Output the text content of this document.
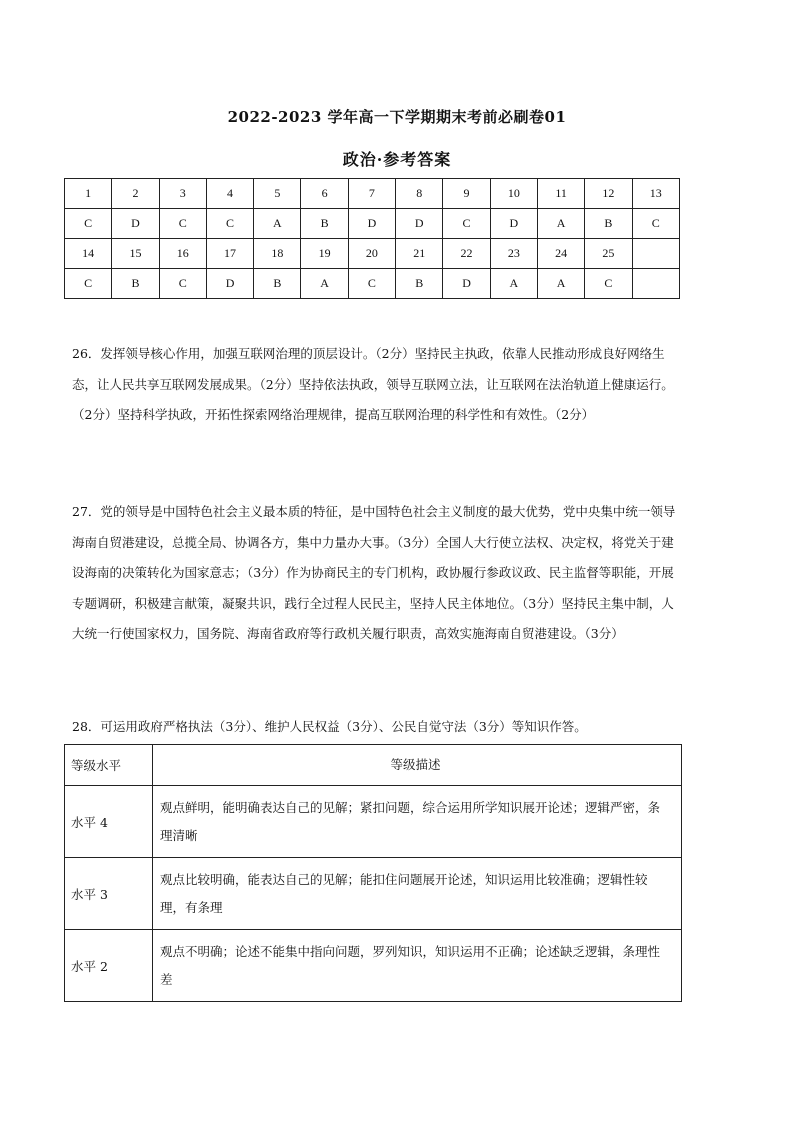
2022-2023 学年高一下学期期末考前必刷卷01
政治·参考答案
1	2	3	4	5	6	7	8	9	10	11	12	13
C	D	C	C	A	B	D	D	C	D	A	B	C
14	15	16	17	18	19	20	21	22	23	24	25	
C	B	C	D	B	A	C	B	D	A	A	C	
26．发挥领导核心作用，加强互联网治理的顶层设计。（2分）坚持民主执政，依靠人民推动形成良好网络生态，让人民共享互联网发展成果。（2分）坚持依法执政，领导互联网立法，让互联网在法治轨道上健康运行。（2分）坚持科学执政，开拓性探索网络治理规律，提高互联网治理的科学性和有效性。（2分）
27．党的领导是中国特色社会主义最本质的特征，是中国特色社会主义制度的最大优势，党中央集中统一领导海南自贸港建设，总揽全局、协调各方，集中力量办大事。（3分）全国人大行使立法权、决定权，将党关于建设海南的决策转化为国家意志；（3分）作为协商民主的专门机构，政协履行参政议政、民主监督等职能，开展专题调研，积极建言献策，凝聚共识，践行全过程人民民主，坚持人民主体地位。（3分）坚持民主集中制，人大统一行使国家权力，国务院、海南省政府等行政机关履行职责，高效实施海南自贸港建设。（3分）
28．可运用政府严格执法（3分）、维护人民权益（3分）、公民自觉守法（3分）等知识作答。
等级水平	等级描述
水平 4	观点鲜明，能明确表达自己的见解；紧扣问题，综合运用所学知识展开论述；逻辑严密，条理清晰
水平 3	观点比较明确，能表达自己的见解；能扣住问题展开论述，知识运用比较准确；逻辑性较理，有条理
水平 2	观点不明确；论述不能集中指向问题，罗列知识，知识运用不正确；论述缺乏逻辑，条理性差
